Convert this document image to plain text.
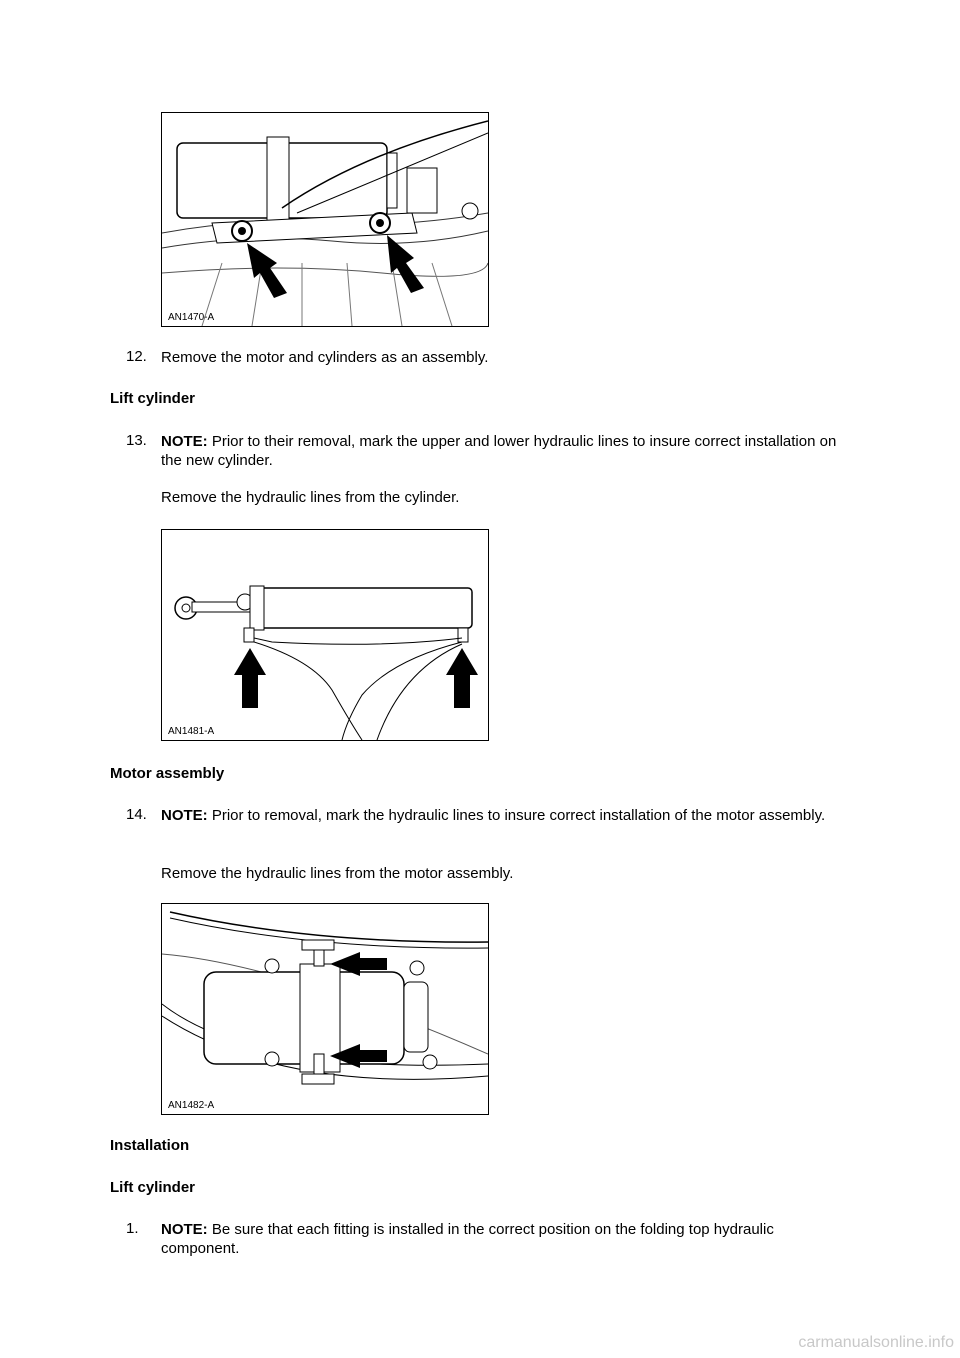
AN1470-A
12. Remove the motor and cylinders as an assembly.
Lift cylinder
13. NOTE: Prior to their removal, mark the upper and lower hydraulic lines to insure correct installation on the new cylinder.
Remove the hydraulic lines from the cylinder.
AN1481-A
Motor assembly
14. NOTE: Prior to removal, mark the hydraulic lines to insure correct installation of the motor assembly.
Remove the hydraulic lines from the motor assembly.
AN1482-A
Installation
Lift cylinder
1. NOTE: Be sure that each fitting is installed in the correct position on the folding top hydraulic component.
carmanualsonline.info
